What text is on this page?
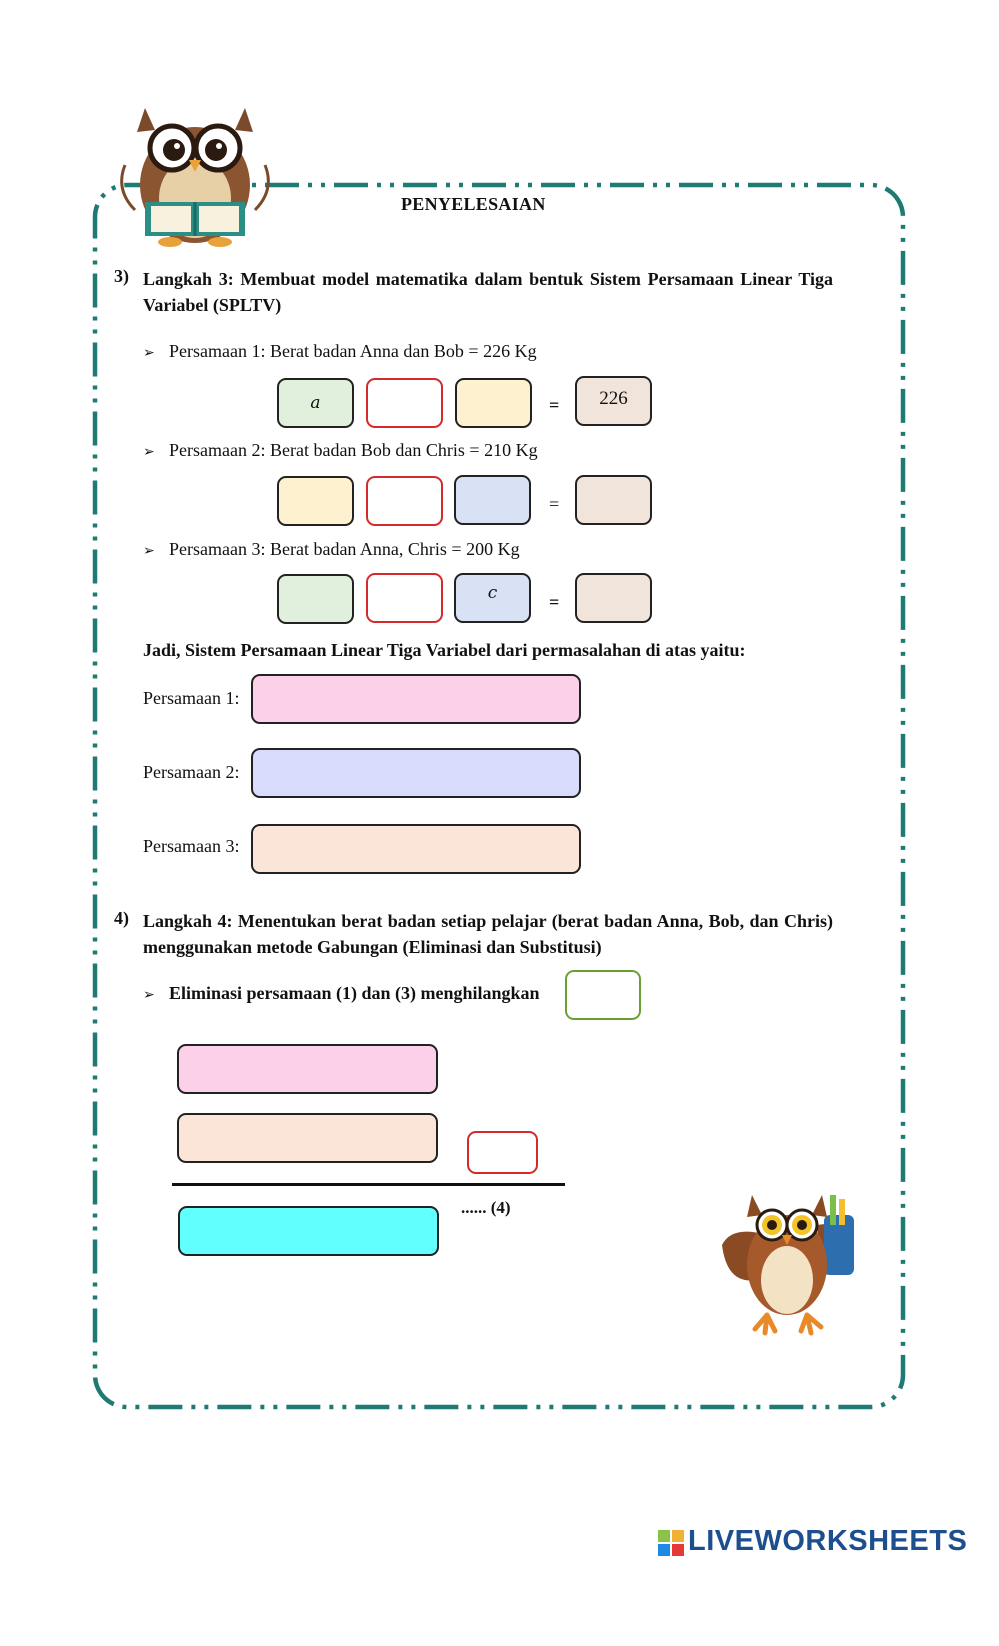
PENYELESAIAN
3) Langkah 3: Membuat model matematika dalam bentuk Sistem Persamaan Linear Tiga Variabel (SPLTV)
➢ Persamaan 1: Berat badan Anna dan Bob = 226 Kg
a	= 226
➢ Persamaan 2: Berat badan Bob dan Chris = 210 Kg
=
➢ Persamaan 3: Berat badan Anna, Chris = 200 Kg
c	=
Jadi, Sistem Persamaan Linear Tiga Variabel dari permasalahan di atas yaitu:
Persamaan 1:
Persamaan 2:
Persamaan 3:
4) Langkah 4: Menentukan berat badan setiap pelajar (berat badan Anna, Bob, dan Chris) menggunakan metode Gabungan (Eliminasi dan Substitusi)
➢ Eliminasi persamaan (1) dan (3) menghilangkan
...... (4)
LIVEWORKSHEETS
